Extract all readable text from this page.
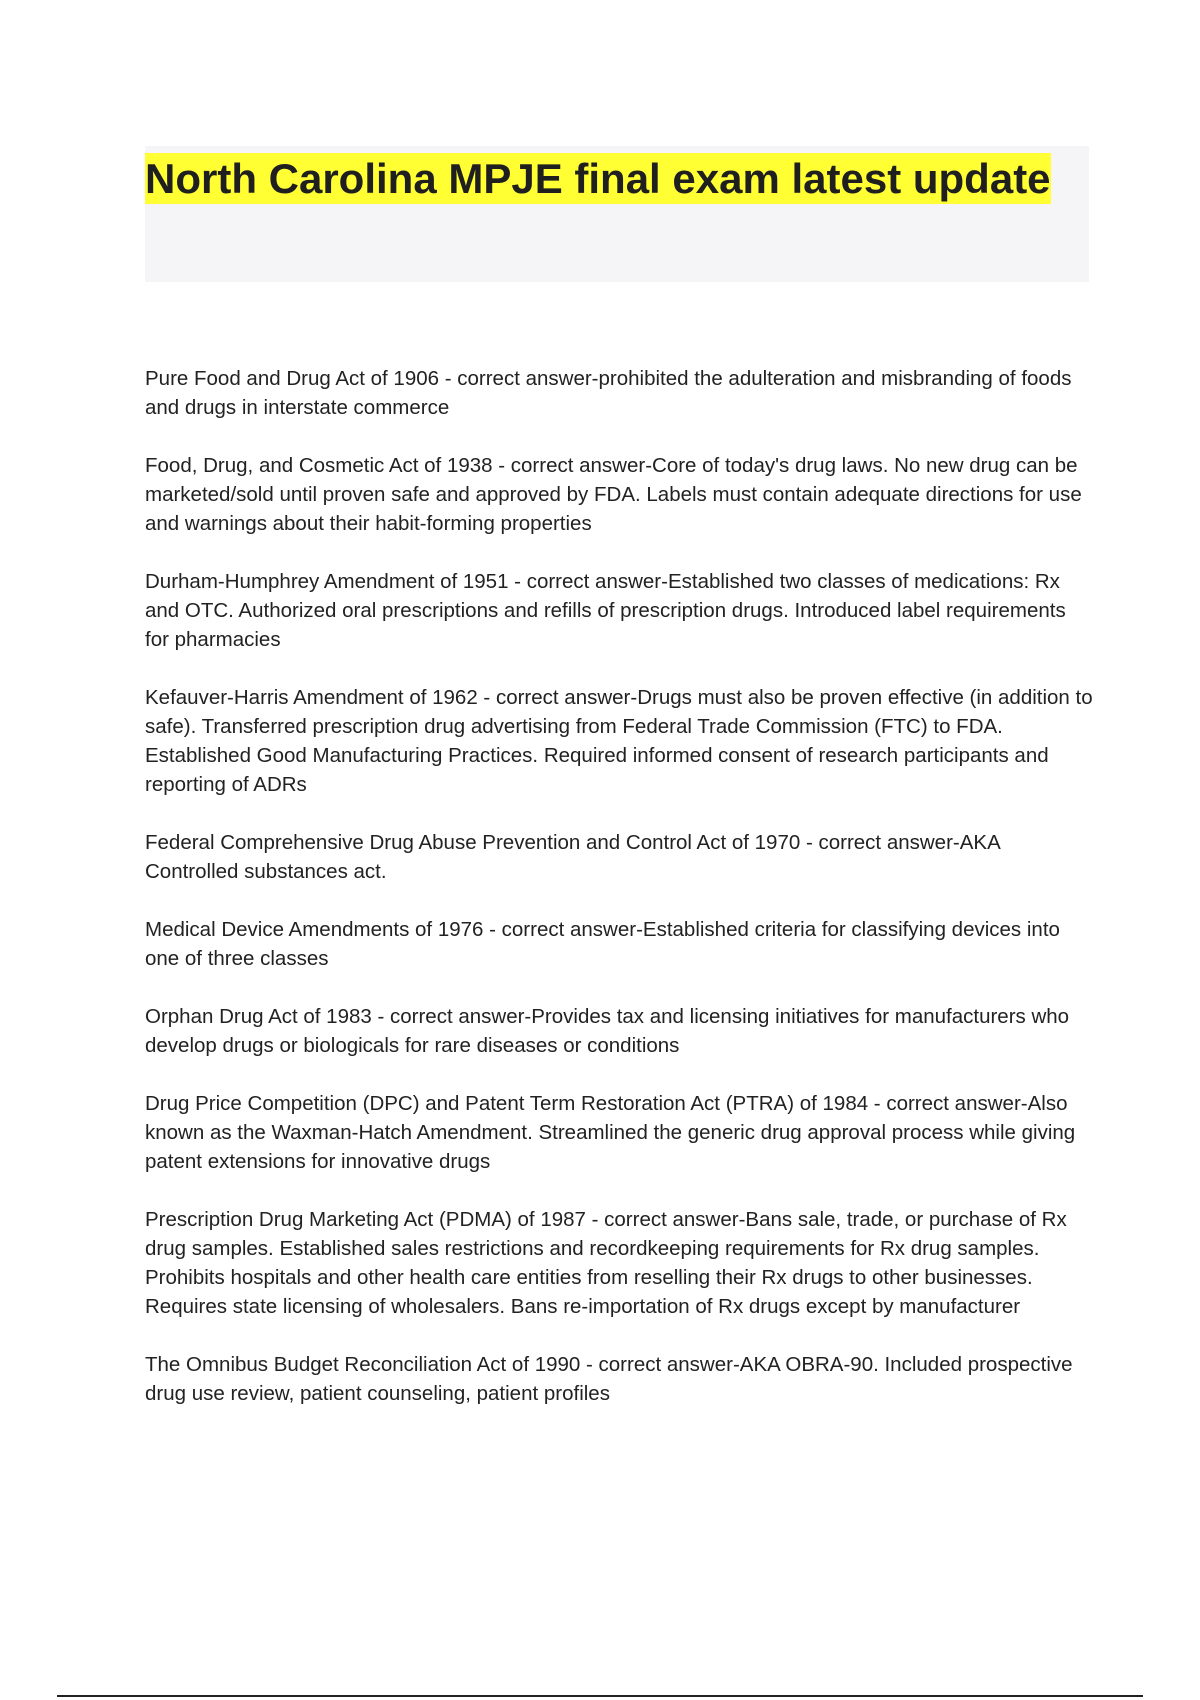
North Carolina MPJE final exam latest update

Pure Food and Drug Act of 1906 - correct answer-prohibited the adulteration and misbranding of foods and drugs in interstate commerce

Food, Drug, and Cosmetic Act of 1938 - correct answer-Core of today's drug laws. No new drug can be marketed/sold until proven safe and approved by FDA. Labels must contain adequate directions for use and warnings about their habit-forming properties

Durham-Humphrey Amendment of 1951 - correct answer-Established two classes of medications: Rx and OTC. Authorized oral prescriptions and refills of prescription drugs. Introduced label requirements for pharmacies

Kefauver-Harris Amendment of 1962 - correct answer-Drugs must also be proven effective (in addition to safe). Transferred prescription drug advertising from Federal Trade Commission (FTC) to FDA. Established Good Manufacturing Practices. Required informed consent of research participants and reporting of ADRs

Federal Comprehensive Drug Abuse Prevention and Control Act of 1970 - correct answer-AKA Controlled substances act.

Medical Device Amendments of 1976 - correct answer-Established criteria for classifying devices into one of three classes

Orphan Drug Act of 1983 - correct answer-Provides tax and licensing initiatives for manufacturers who develop drugs or biologicals for rare diseases or conditions

Drug Price Competition (DPC) and Patent Term Restoration Act (PTRA) of 1984 - correct answer-Also known as the Waxman-Hatch Amendment. Streamlined the generic drug approval process while giving patent extensions for innovative drugs

Prescription Drug Marketing Act (PDMA) of 1987 - correct answer-Bans sale, trade, or purchase of Rx drug samples. Established sales restrictions and recordkeeping requirements for Rx drug samples. Prohibits hospitals and other health care entities from reselling their Rx drugs to other businesses. Requires state licensing of wholesalers. Bans re-importation of Rx drugs except by manufacturer

The Omnibus Budget Reconciliation Act of 1990 - correct answer-AKA OBRA-90. Included prospective drug use review, patient counseling, patient profiles
